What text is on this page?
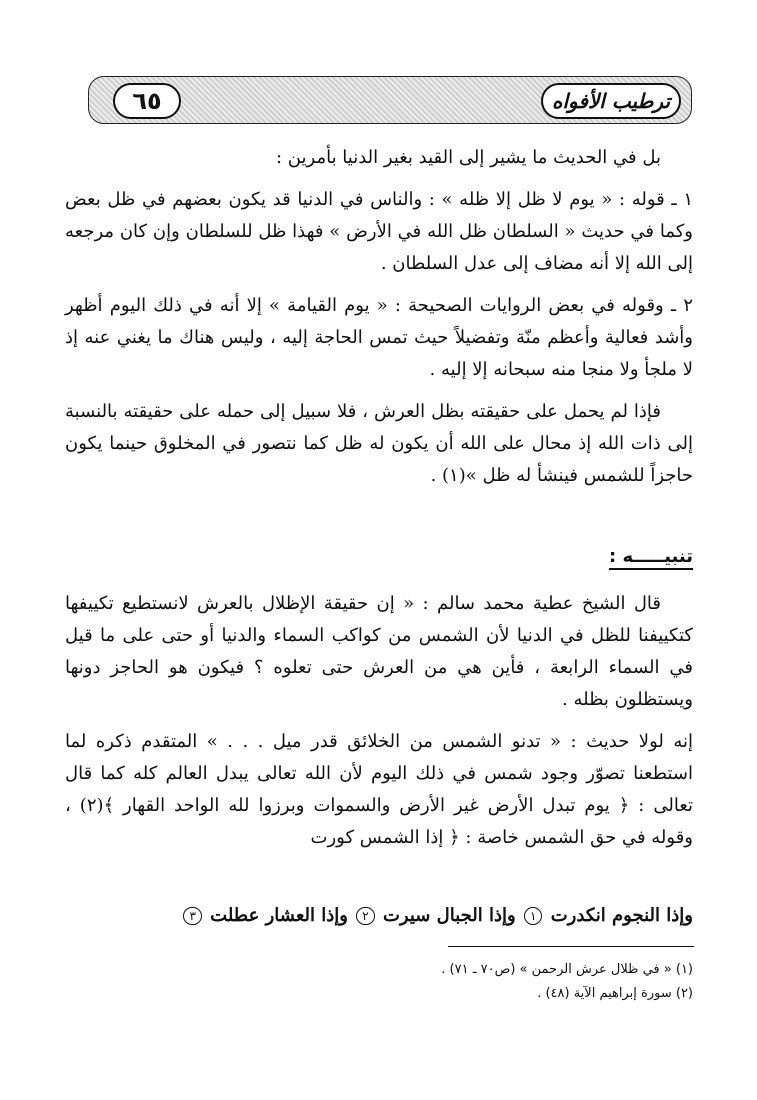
٦٥	ترطيب الأفواه

بل في الحديث ما يشير إلى القيد بغير الدنيا بأمرين :

١ ـ قوله : « يوم لا ظل إلا ظله » : والناس في الدنيا قد يكون بعضهم في ظل بعض وكما في حديث « السلطان ظل الله في الأرض » فهذا ظل للسلطان وإن كان مرجعه إلى الله إلا أنه مضاف إلى عدل السلطان .

٢ ـ وقوله في بعض الروايات الصحيحة : « يوم القيامة » إلا أنه في ذلك اليوم أظهر وأشد فعالية وأعظم منّة وتفضيلاً حيث تمس الحاجة إليه ، وليس هناك ما يغني عنه إذ لا ملجأ ولا منجا منه سبحانه إلا إليه .

فإذا لم يحمل على حقيقته بظل العرش ، فلا سبيل إلى حمله على حقيقته بالنسبة إلى ذات الله إذ محال على الله أن يكون له ظل كما نتصور في المخلوق حينما يكون حاجزاً للشمس فينشأ له ظل »(١) .

تنبيـــــه :

قال الشيخ عطية محمد سالم : « إن حقيقة الإظلال بالعرش لانستطيع تكييفها كتكييفنا للظل في الدنيا لأن الشمس من كواكب السماء والدنيا أو حتى على ما قيل في السماء الرابعة ، فأين هي من العرش حتى تعلوه ؟ فيكون هو الحاجز دونها ويستظلون بظله .

إنه لولا حديث : « تدنو الشمس من الخلائق قدر ميل . . . » المتقدم ذكره لما استطعنا تصوّر وجود شمس في ذلك اليوم لأن الله تعالى يبدل العالم كله كما قال تعالى : ﴿ يوم تبدل الأرض غير الأرض والسموات وبرزوا لله الواحد القهار ﴾(٢) ، وقوله في حق الشمس خاصة : ﴿ إذا الشمس كورت

وإذا النجوم انكدرت ١ وإذا الجبال سيرت ٢ وإذا العشار عطلت ٣
(١) « في ظلال عرش الرحمن » (ص٧٠ ـ ٧١) .
(٢) سورة إبراهيم الآية (٤٨) .
